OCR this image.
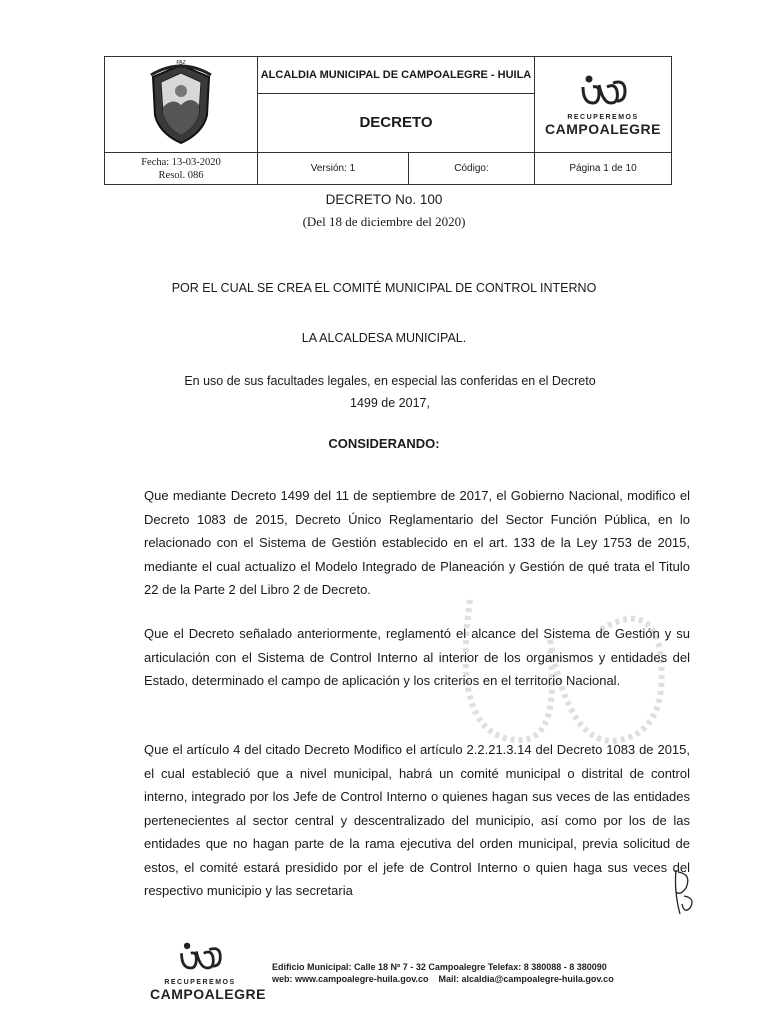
PAZ	ALCALDIA MUNICIPAL DE CAMPOALEGRE - HUILA		RECUPEREMOS
CAMPOALEGRE

	DECRETO		

Fecha: 13-03-2020
Resol. 086	Versión: 1	Código:	Página 1 de 10
DECRETO No. 100
(Del 18 de diciembre del 2020)
POR EL CUAL SE CREA EL COMITÉ MUNICIPAL DE CONTROL INTERNO
LA ALCALDESA MUNICIPAL.
En uso de sus facultades legales, en especial las conferidas en el Decreto 1499 de 2017,
CONSIDERANDO:

Que mediante Decreto 1499 del 11 de septiembre de 2017, el Gobierno Nacional, modifico el Decreto 1083 de 2015, Decreto Único Reglamentario del Sector Función Pública, en lo relacionado con el Sistema de Gestión establecido en el art. 133 de la Ley 1753 de 2015, mediante el cual actualizo el Modelo Integrado de Planeación y Gestión de qué trata el Titulo 22 de la Parte 2 del Libro 2 de Decreto.

Que el Decreto señalado anteriormente, reglamentó el alcance del Sistema de Gestión y su articulación con el Sistema de Control Interno al interior de los organismos y entidades del Estado, determinado el campo de aplicación y los criterios en el territorio Nacional.

Que el artículo 4 del citado Decreto Modifico el artículo 2.2.21.3.14 del Decreto 1083 de 2015, el cual estableció que a nivel municipal, habrá un comité municipal o distrital de control interno, integrado por los Jefe de Control Interno o quienes hagan sus veces de las entidades pertenecientes al sector central y descentralizado del municipio, así como por los de las entidades que no hagan parte de la rama ejecutiva del orden municipal, previa solicitud de estos, el comité estará presidido por el jefe de Control Interno o quien haga sus veces del respectivo municipio y las secretaria

RECUPEREMOS
CAMPOALEGRE
Edificio Municipal: Calle 18 Nº 7 - 32 Campoalegre Telefax: 8 380088 - 8 380090
web: www.campoalegre-huila.gov.co    Mail: alcaldia@campoalegre-huila.gov.co
